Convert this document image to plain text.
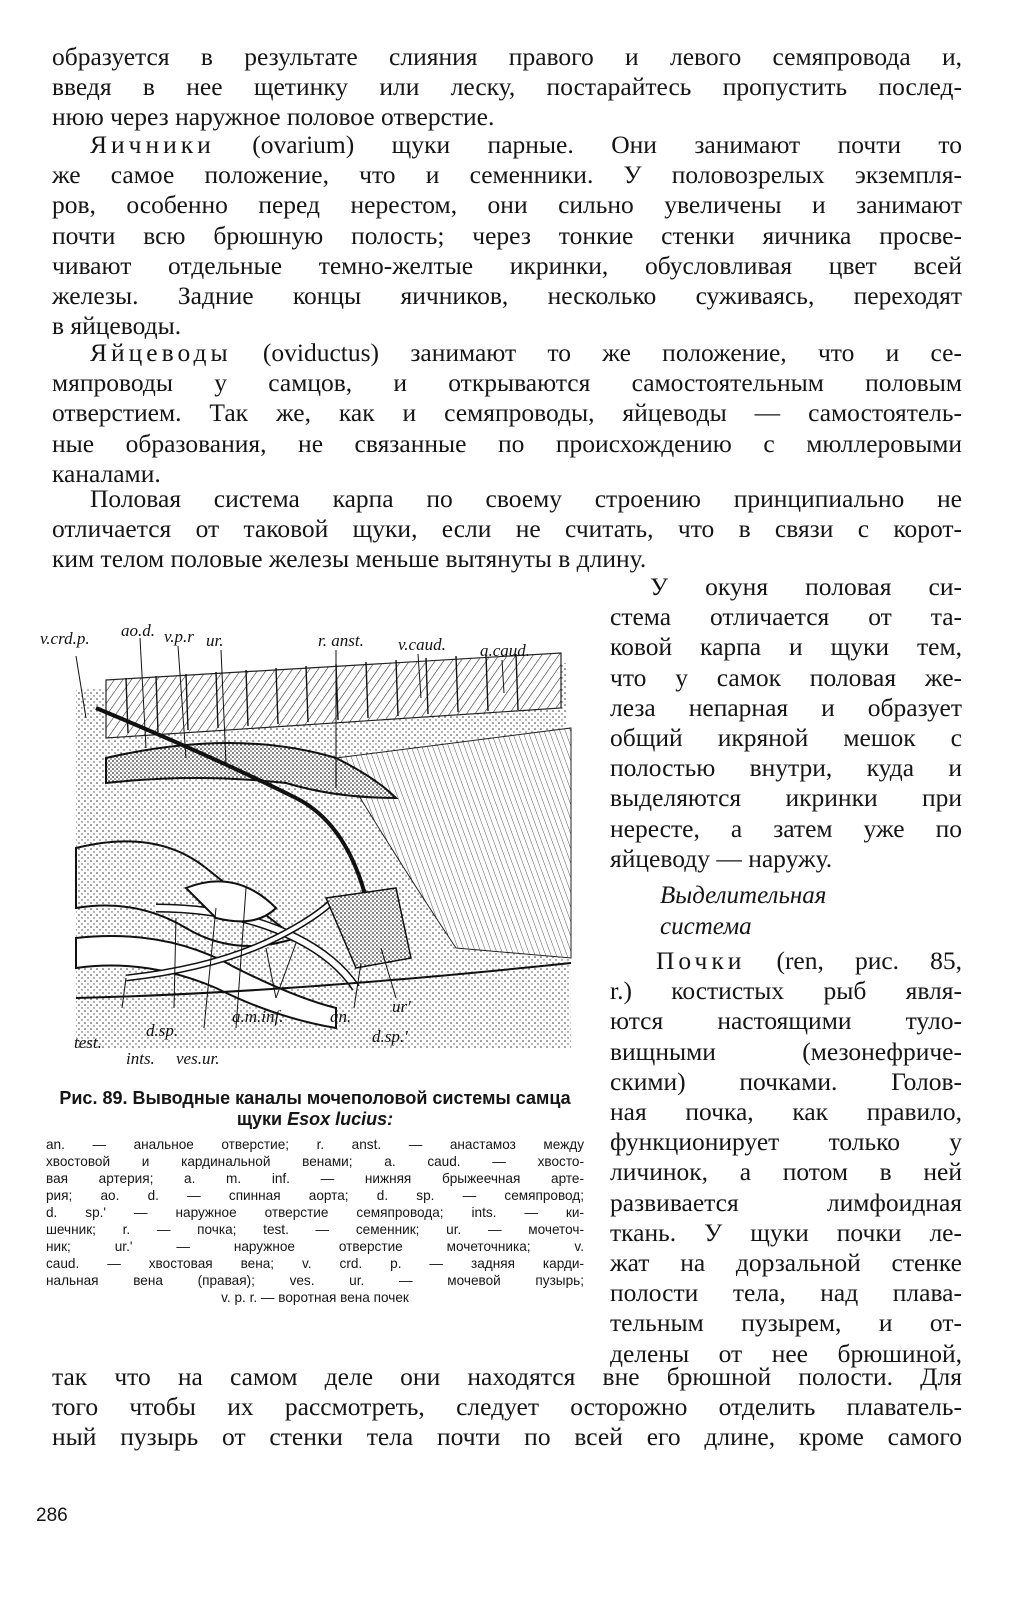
образуется в результате слияния правого и левого семяпровода и,
введя в нее щетинку или леску, постарайтесь пропустить послед-
нюю через наружное половое отверстие.
Яичники (ovarium) щуки парные. Они занимают почти то
же самое положение, что и семенники. У половозрелых экземпля-
ров, особенно перед нерестом, они сильно увеличены и занимают
почти всю брюшную полость; через тонкие стенки яичника просве-
чивают отдельные темно-желтые икринки, обусловливая цвет всей
железы. Задние концы яичников, несколько суживаясь, переходят
в яйцеводы.
Яйцеводы (oviductus) занимают то же положение, что и се-
мяпроводы у самцов, и открываются самостоятельным половым
отверстием. Так же, как и семяпроводы, яйцеводы — самостоятель-
ные образования, не связанные по происхождению с мюллеровыми
каналами.
Половая система карпа по своему строению принципиально не
отличается от таковой щуки, если не считать, что в связи с корот-
ким телом половые железы меньше вытянуты в длину.
У окуня половая си-
стема отличается от та-
ковой карпа и щуки тем,
что у самок половая же-
леза непарная и образует
общий икряной мешок с
полостью внутри, куда и
выделяются икринки при
нересте, а затем уже по
яйцеводу — наружу.
Выделительная
система
Почки (ren, рис. 85,
r.) костистых рыб явля-
ются настоящими туло-
вищными (мезонефриче-
скими) почками. Голов-
ная почка, как правило,
функционирует только у
личинок, а потом в ней
развивается лимфоидная
ткань. У щуки почки ле-
жат на дорзальной стенке
полости тела, над плава-
тельным пузырем, и от-
делены от нее брюшиной,
ao.d.
v.crd.p.	v.p.r ur.	r. anst. v.caud. a.caud.
a.m.inf.	an.
ur'
test.
d.sp.	d.sp.'
ints. ves.ur.
Рис. 89. Выводные каналы мочеполовой системы самца щуки Esox lucius:
an. — анальное отверстие; r. anst. — анастамоз между
хвостовой и кардинальной венами; a. caud. — хвосто-
вая артерия; a. m. inf. — нижняя брыжеечная арте-
рия; ao. d. — спинная аорта; d. sp. — семяпровод;
d. sp.' — наружное отверстие семяпровода; ints. — ки-
шечник; r. — почка; test. — семенник; ur. — мочеточ-
ник; ur.' — наружное отверстие мочеточника; v.
caud. — хвостовая вена; v. crd. p. — задняя карди-
нальная вена (правая); ves. ur. — мочевой пузырь;
v. p. r. — воротная вена почек
так что на самом деле они находятся вне брюшной полости. Для
того чтобы их рассмотреть, следует осторожно отделить плаватель-
ный пузырь от стенки тела почти по всей его длине, кроме самого
286
